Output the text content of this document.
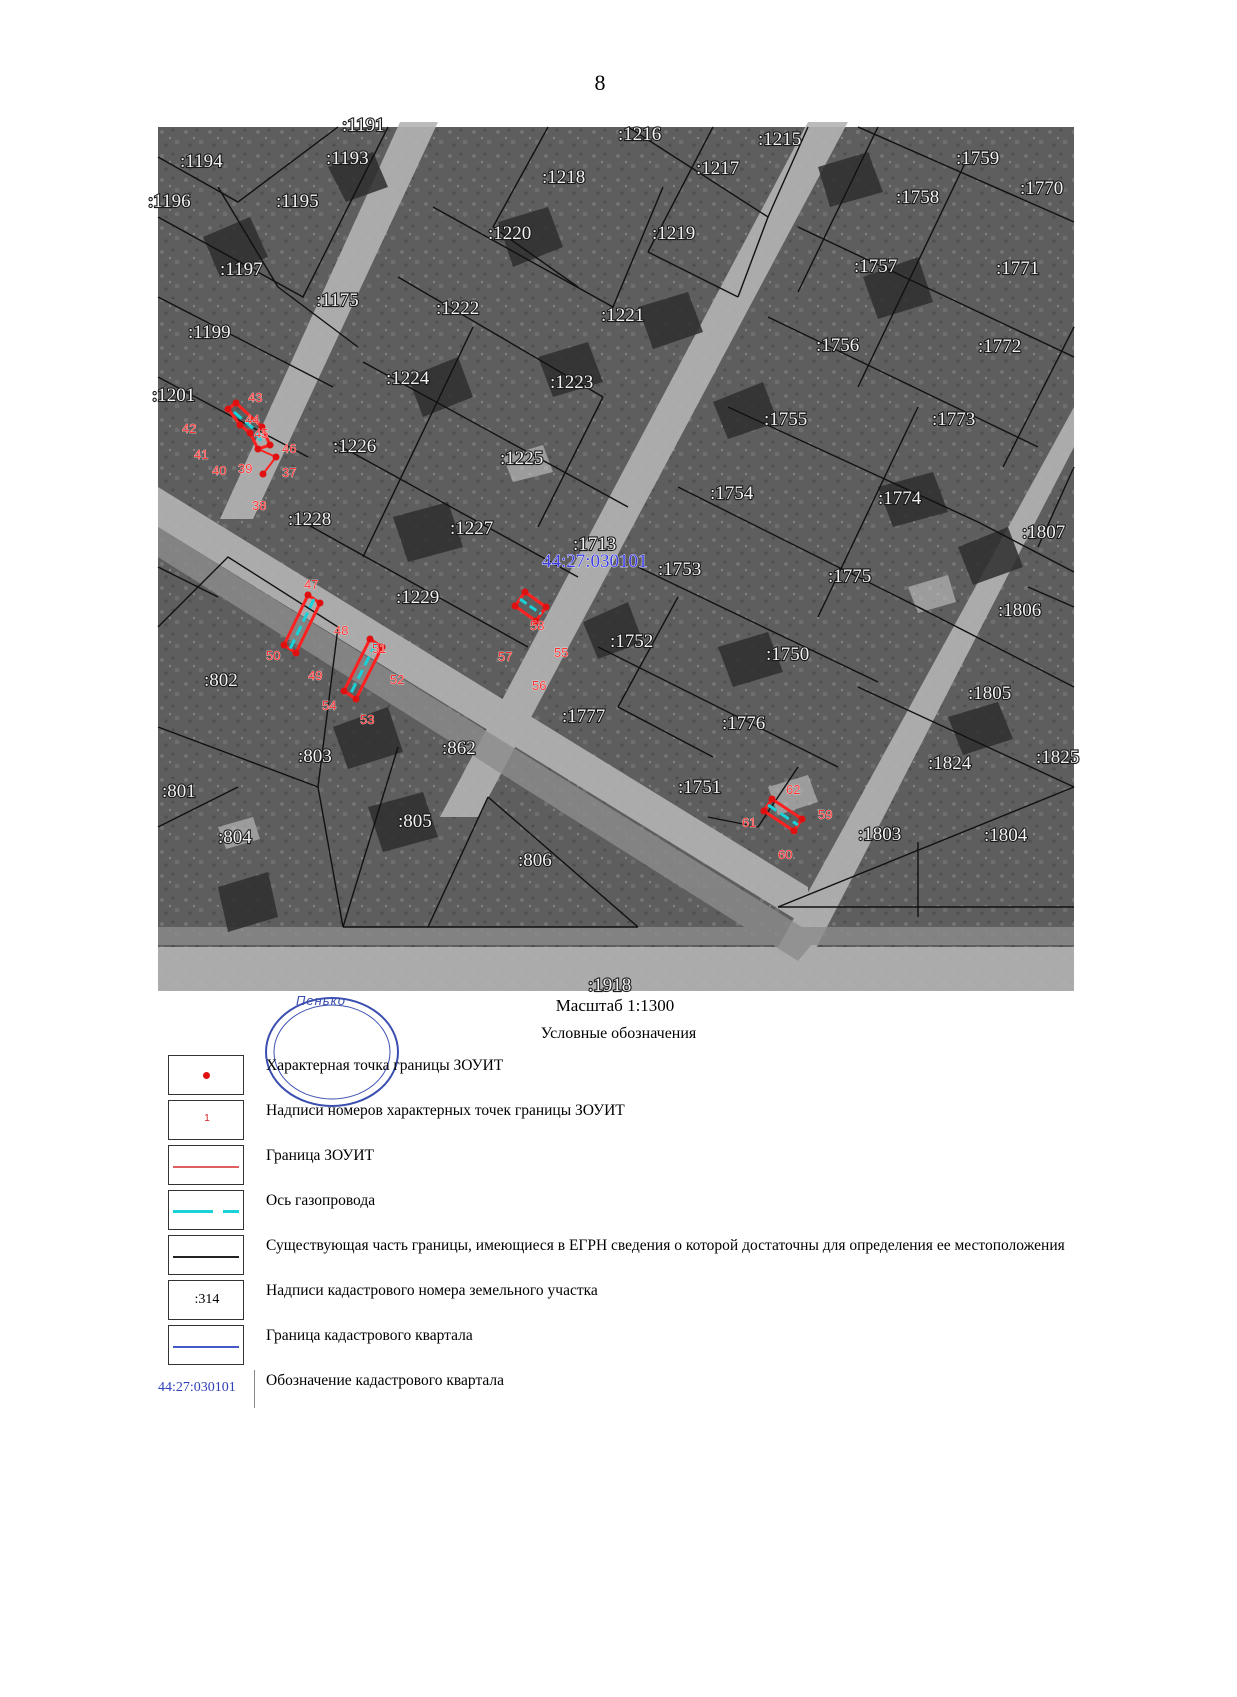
8
:1194	:1193
:1191	:1216	:1215
:1759
:1196	:1195
:1218	:1217
:1758	:1770
:1220	:1219
:1197	:1757	:1771
:1175	:1222	:1221
:1199
:1756	:1772
:1224	:1223
:1201
:1755	:1773
:1226
:1225
:1754	:1774
:1228	:1227	:1807
:1753
:1713
:1775
:1229
:1806
:1752
:1750
:802
:1805
:1777	:1776
:862
:803	:1824	:1825
:801	:1751
:1803	:1804
:804
:805
:806
:1918
44:27:030101
43
42
44
45
46
41
40 39 37
38
47
48
50
49
51
52
54
53
58
57	55
56
62
59
61
60
Пенько	Масштаб 1:1300
Условные обозначения
Характерная точка границы ЗОУИТ
1	Надписи номеров характерных точек границы ЗОУИТ
Граница ЗОУИТ
Ось газопровода
Существующая часть границы, имеющиеся в ЕГРН сведения о которой достаточны для определения ее местоположения
:314
Надписи кадастрового номера земельного участка
Граница кадастрового квартала
44:27:030101 Обозначение кадастрового квартала
